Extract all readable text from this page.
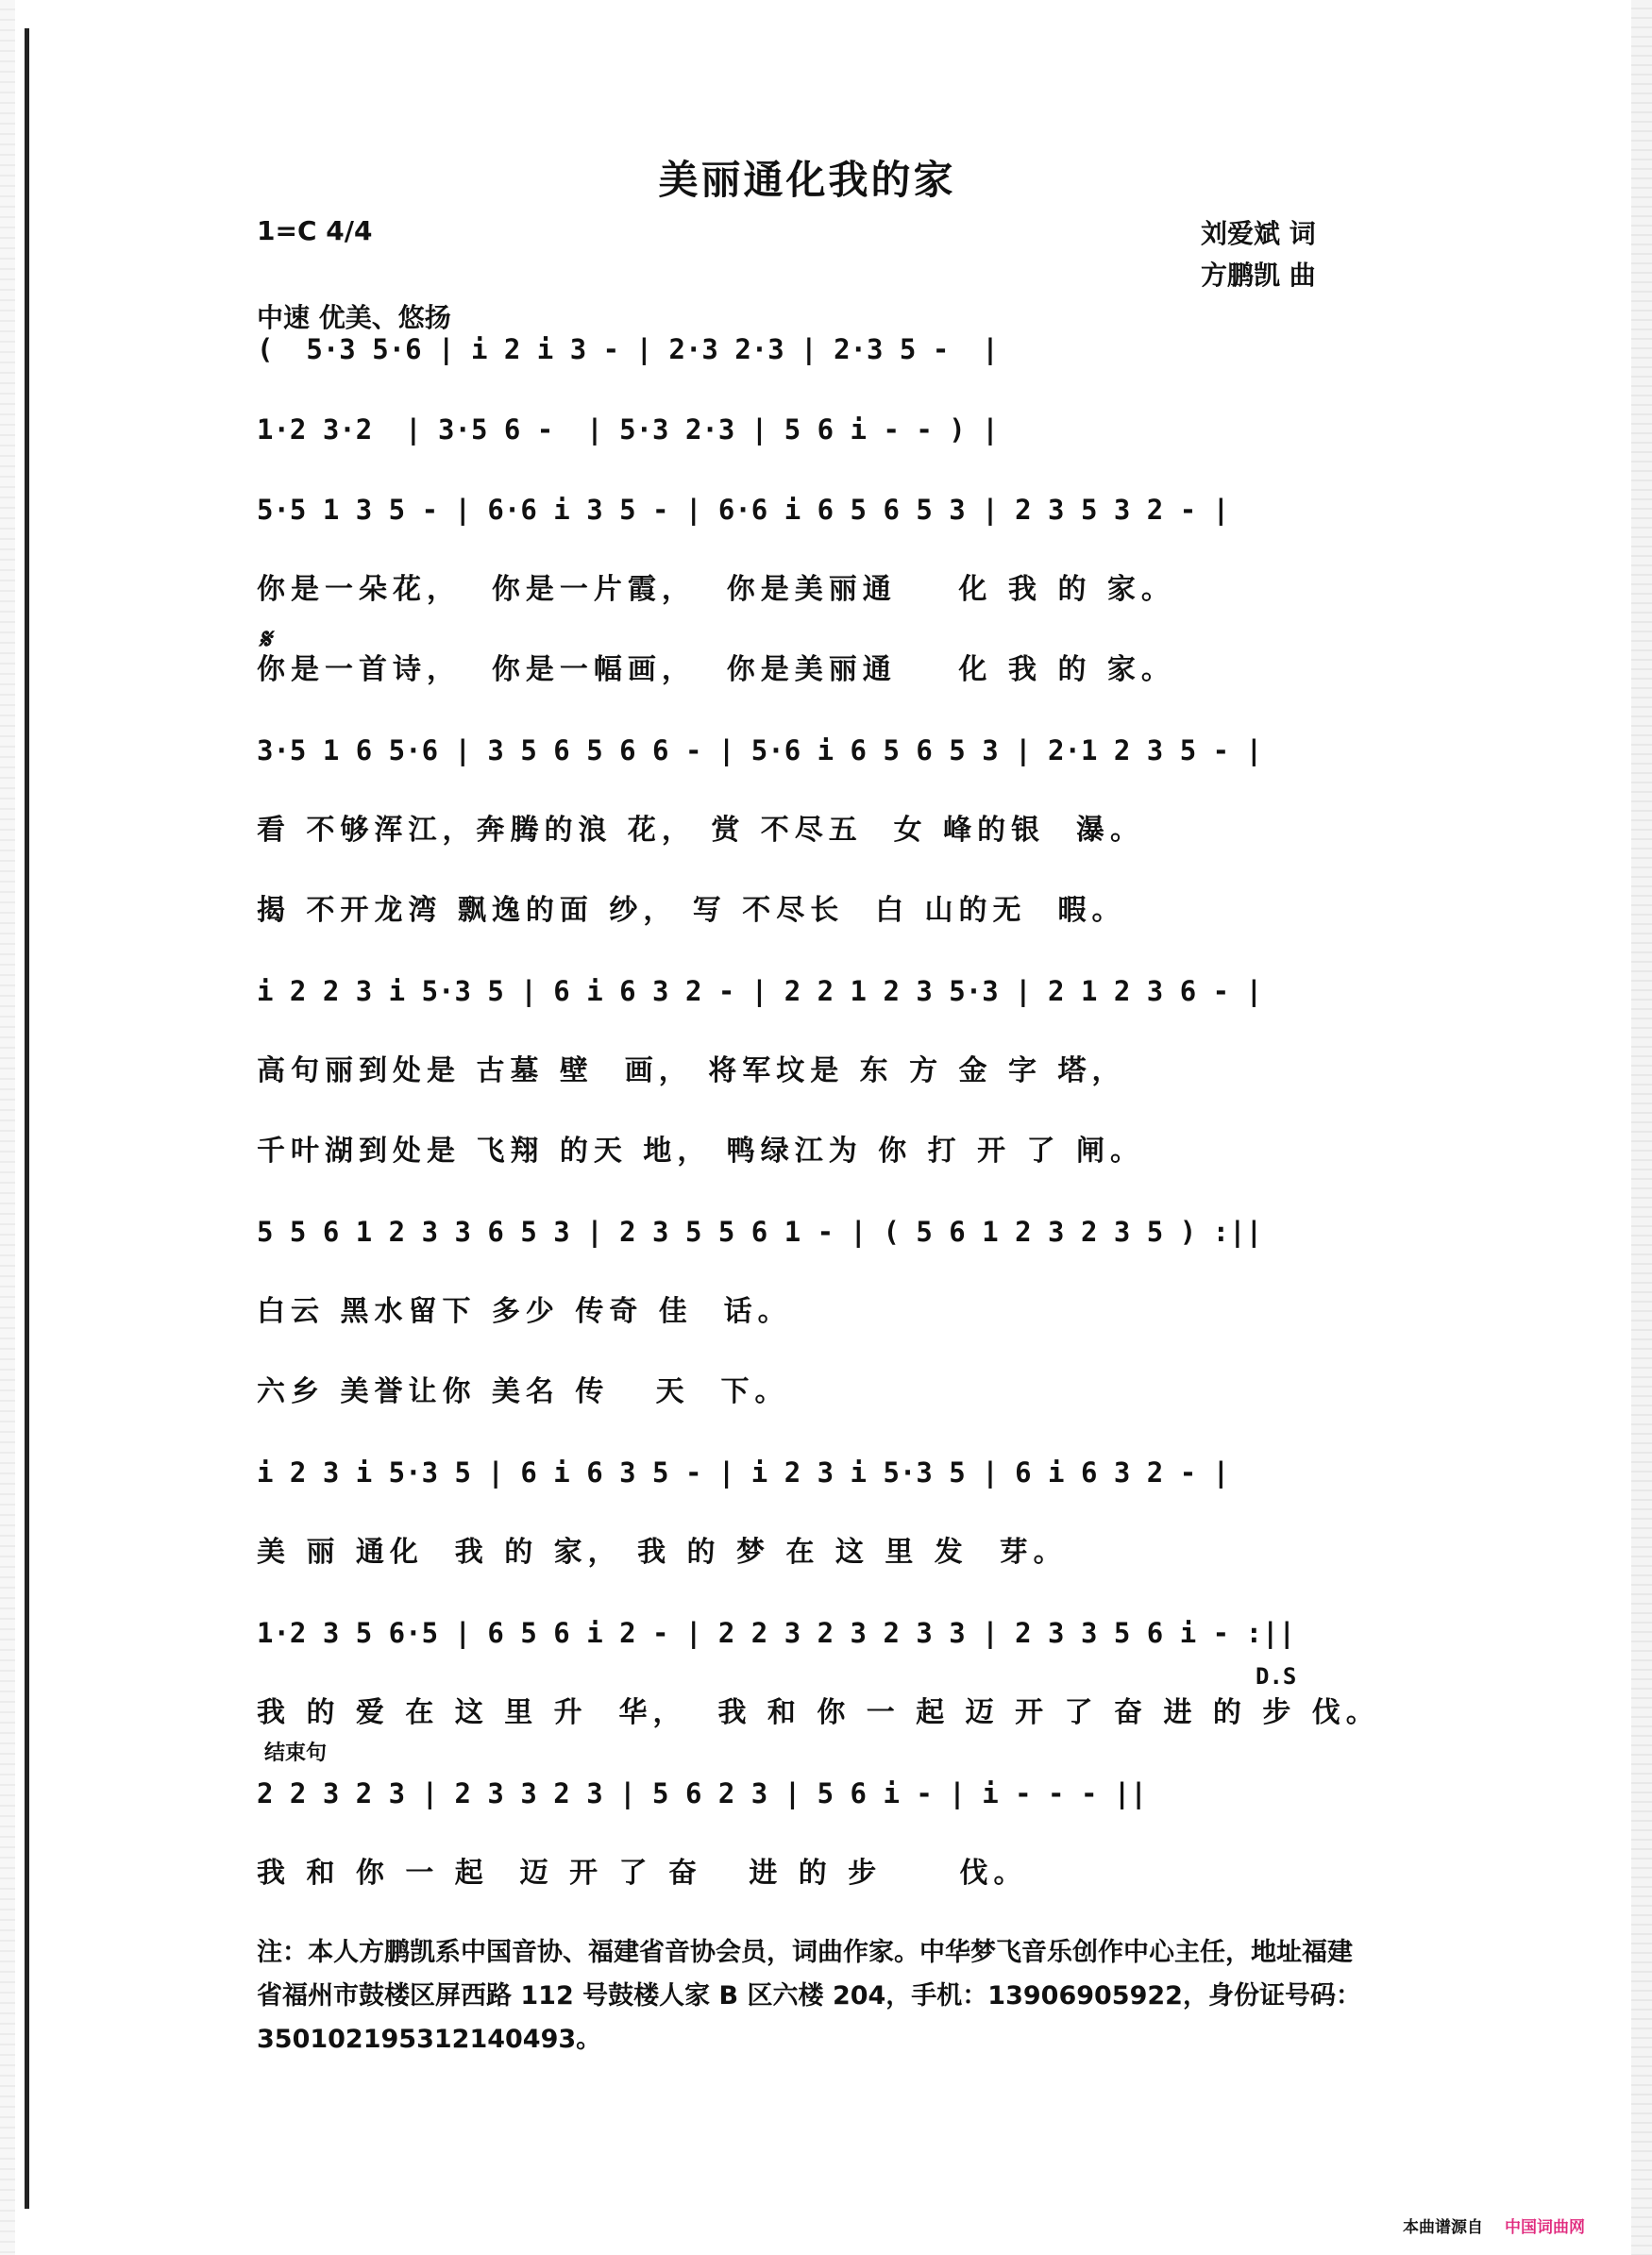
美丽通化我的家
1=C 4/4	刘爱斌 词
方鹏凯 曲
中速 优美、悠扬
(  5·3 5·6 | i 2 i 3 - | 2·3 2·3 | 2·3 5 -  |
1·2 3·2  | 3·5 6 -  | 5·3 2·3 | 5 6 i - - ) |
5·5 1 3 5 - | 6·6 i 3 5 - | 6·6 i 6 5 6 5 3 | 2 3 5 3 2 - |
你是一朵花，  你是一片霞，  你是美丽通    化 我 的 家。
你是一首诗，  你是一幅画，  你是美丽通    化 我 的 家。
3·5 1 6 5·6 | 3 5 6 5 6 6 - | 5·6 i 6 5 6 5 3 | 2·1 2 3 5 - |
看 不够浑江，奔腾的浪 花， 赏 不尽五  女 峰的银  瀑。
揭 不开龙湾 飘逸的面 纱， 写 不尽长  白 山的无  暇。
i 2 2 3 i 5·3 5 | 6 i 6 3 2 - | 2 2 1 2 3 5·3 | 2 1 2 3 6 - |
高句丽到处是 古墓 壁  画， 将军坟是 东 方 金 字 塔，
千叶湖到处是 飞翔 的天 地， 鸭绿江为 你 打 开 了 闸。
5 5 6 1 2 3 3 6 5 3 | 2 3 5 5 6 1 - | ( 5 6 1 2 3 2 3 5 ) :||
白云 黑水留下 多少 传奇 佳  话。
六乡 美誉让你 美名 传   天  下。
i 2 3 i 5·3 5 | 6 i 6 3 5 - | i 2 3 i 5·3 5 | 6 i 6 3 2 - |
美 丽 通化  我 的 家， 我 的 梦 在 这 里 发  芽。
1·2 3 5 6·5 | 6 5 6 i 2 - | 2 2 3 2 3 2 3 3 | 2 3 3 5 6 i - :||
我 的 爱 在 这 里 升  华，  我 和 你 一 起 迈 开 了 奋 进 的 步 伐。
2 2 3 2 3 | 2 3 3 2 3 | 5 6 2 3 | 5 6 i - | i - - - ||
我 和 你 一 起  迈 开 了 奋   进 的 步     伐。
𝄋
D.S
结束句
注：本人方鹏凯系中国音协、福建省音协会员，词曲作家。中华梦飞音乐创作中心主任，地址福建省福州市鼓楼区屏西路 112 号鼓楼人家 B 区六楼 204，手机：13906905922，身份证号码：350102195312140493。
本曲谱源自 中国词曲网
